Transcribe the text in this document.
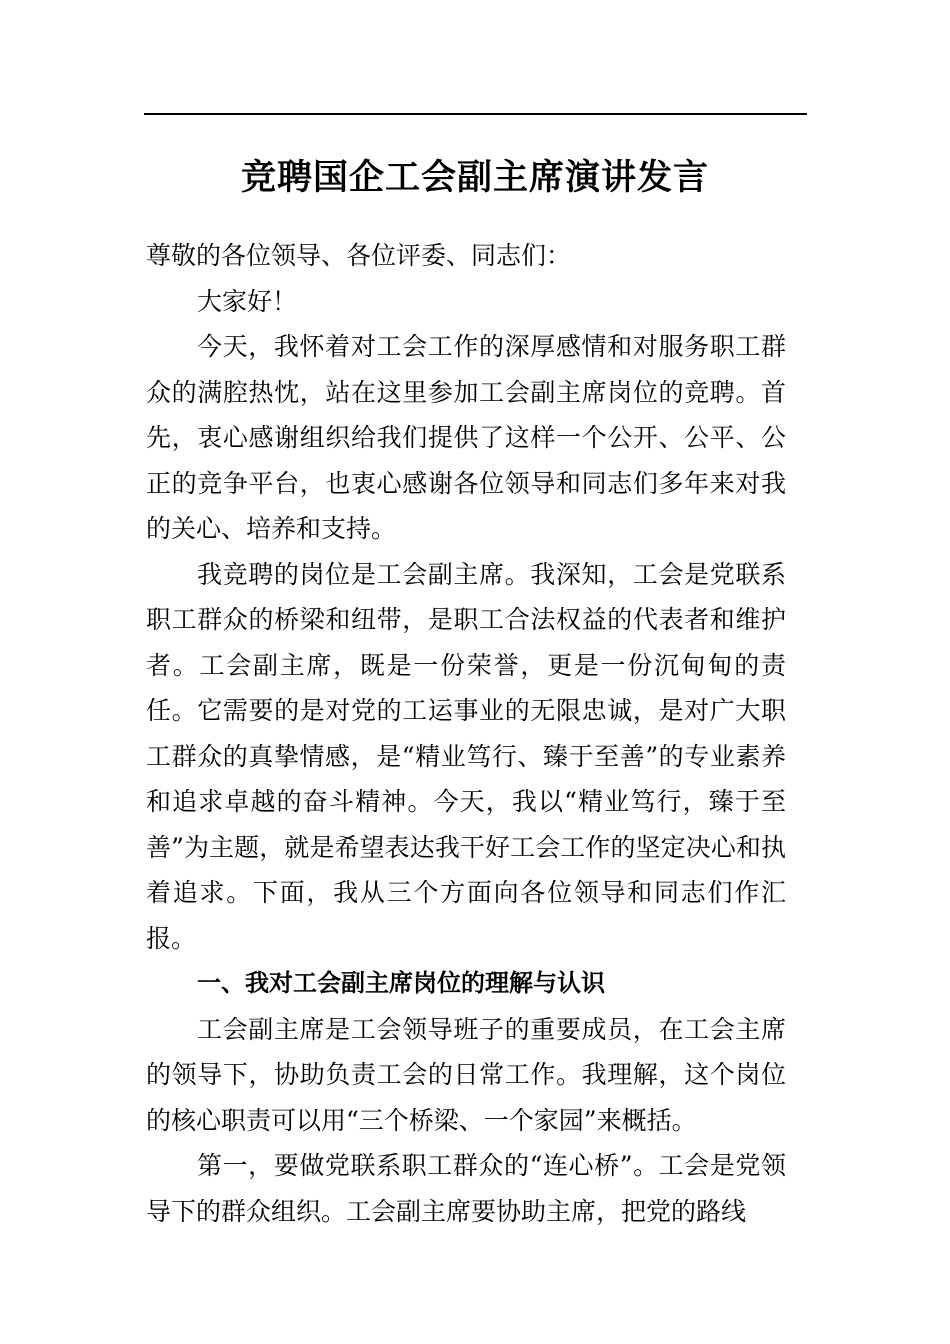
竞聘国企工会副主席演讲发言

尊敬的各位领导、各位评委、同志们：

大家好！

今天，我怀着对工会工作的深厚感情和对服务职工群众的满腔热忱，站在这里参加工会副主席岗位的竞聘。首先，衷心感谢组织给我们提供了这样一个公开、公平、公正的竞争平台，也衷心感谢各位领导和同志们多年来对我的关心、培养和支持。

我竞聘的岗位是工会副主席。我深知，工会是党联系职工群众的桥梁和纽带，是职工合法权益的代表者和维护者。工会副主席，既是一份荣誉，更是一份沉甸甸的责任。它需要的是对党的工运事业的无限忠诚，是对广大职工群众的真挚情感，是“精业笃行、臻于至善”的专业素养和追求卓越的奋斗精神。今天，我以“精业笃行，臻于至善”为主题，就是希望表达我干好工会工作的坚定决心和执着追求。下面，我从三个方面向各位领导和同志们作汇报。

一、我对工会副主席岗位的理解与认识

工会副主席是工会领导班子的重要成员，在工会主席的领导下，协助负责工会的日常工作。我理解，这个岗位的核心职责可以用“三个桥梁、一个家园”来概括。

第一，要做党联系职工群众的“连心桥”。工会是党领导下的群众组织。工会副主席要协助主席，把党的路线
